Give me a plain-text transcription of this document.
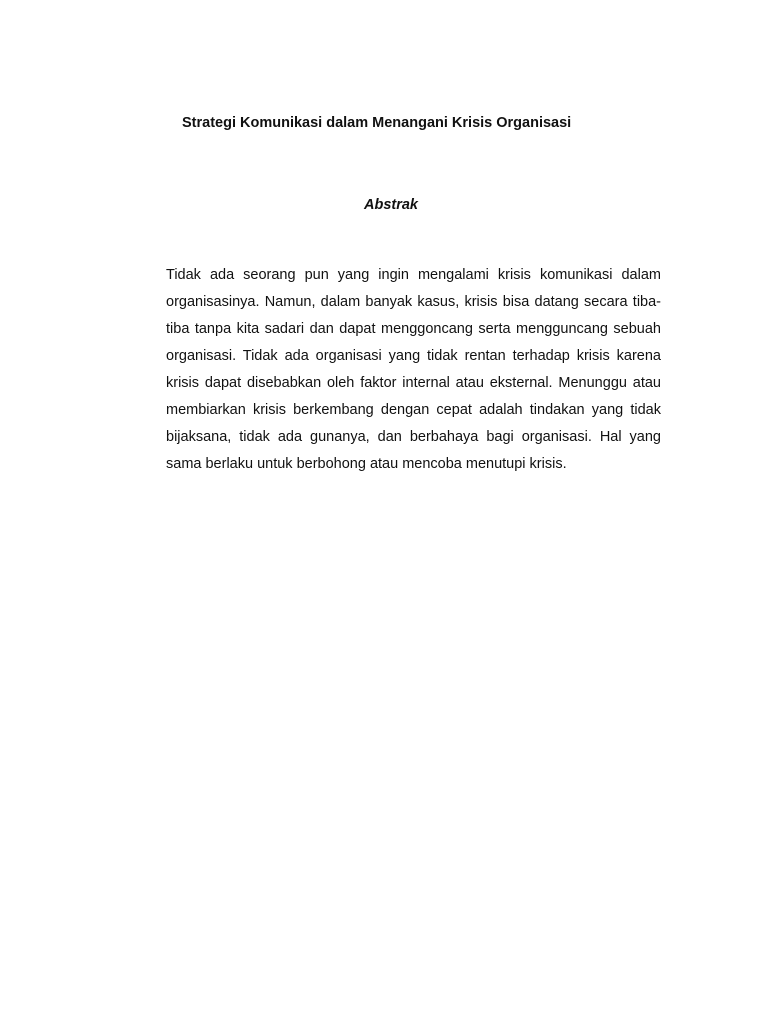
Strategi Komunikasi dalam Menangani Krisis Organisasi
Abstrak

Tidak ada seorang pun yang ingin mengalami krisis komunikasi dalam organisasinya. Namun, dalam banyak kasus, krisis bisa datang secara tiba-tiba tanpa kita sadari dan dapat menggoncang serta mengguncang sebuah organisasi. Tidak ada organisasi yang tidak rentan terhadap krisis karena krisis dapat disebabkan oleh faktor internal atau eksternal. Menunggu atau membiarkan krisis berkembang dengan cepat adalah tindakan yang tidak bijaksana, tidak ada gunanya, dan berbahaya bagi organisasi. Hal yang sama berlaku untuk berbohong atau mencoba menutupi krisis.
